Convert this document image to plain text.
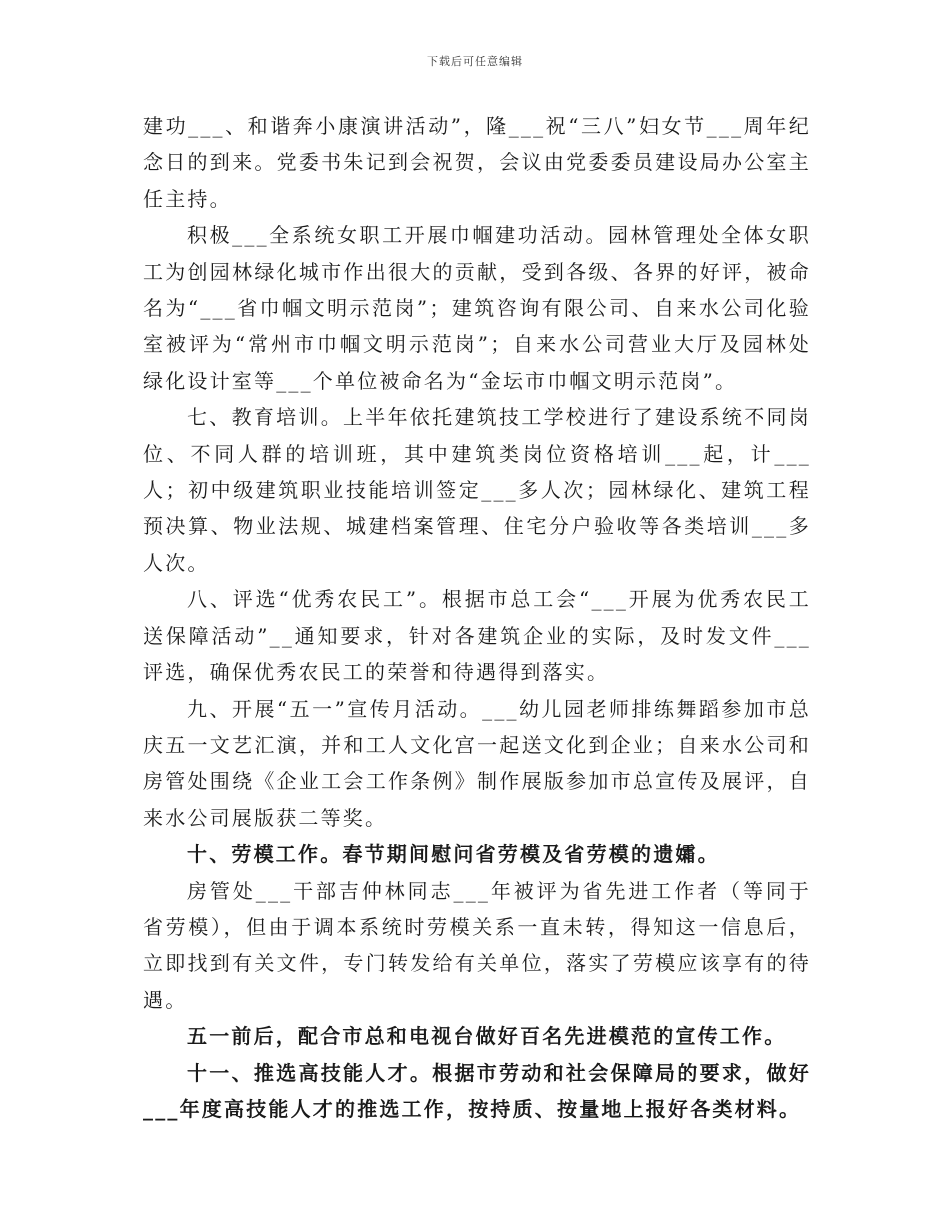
下载后可任意编辑

建功___、和谐奔小康演讲活动”，隆___祝“三八”妇女节___周年纪念日的到来。党委书朱记到会祝贺，会议由党委委员建设局办公室主任主持。

积极___全系统女职工开展巾帼建功活动。园林管理处全体女职工为创园林绿化城市作出很大的贡献，受到各级、各界的好评，被命名为“___省巾帼文明示范岗”；建筑咨询有限公司、自来水公司化验室被评为“常州市巾帼文明示范岗”；自来水公司营业大厅及园林处绿化设计室等___个单位被命名为“金坛市巾帼文明示范岗”。

七、教育培训。上半年依托建筑技工学校进行了建设系统不同岗位、不同人群的培训班，其中建筑类岗位资格培训___起，计___人；初中级建筑职业技能培训签定___多人次；园林绿化、建筑工程预决算、物业法规、城建档案管理、住宅分户验收等各类培训___多人次。

八、评选“优秀农民工”。根据市总工会“___开展为优秀农民工送保障活动”__通知要求，针对各建筑企业的实际，及时发文件___评选，确保优秀农民工的荣誉和待遇得到落实。

九、开展“五一”宣传月活动。___幼儿园老师排练舞蹈参加市总庆五一文艺汇演，并和工人文化宫一起送文化到企业；自来水公司和房管处围绕《企业工会工作条例》制作展版参加市总宣传及展评，自来水公司展版获二等奖。

十、劳模工作。春节期间慰问省劳模及省劳模的遗孀。

房管处___干部吉仲林同志___年被评为省先进工作者（等同于省劳模），但由于调本系统时劳模关系一直未转，得知这一信息后，立即找到有关文件，专门转发给有关单位，落实了劳模应该享有的待遇。

五一前后，配合市总和电视台做好百名先进模范的宣传工作。

十一、推选高技能人才。根据市劳动和社会保障局的要求，做好___年度高技能人才的推选工作，按持质、按量地上报好各类材料。
